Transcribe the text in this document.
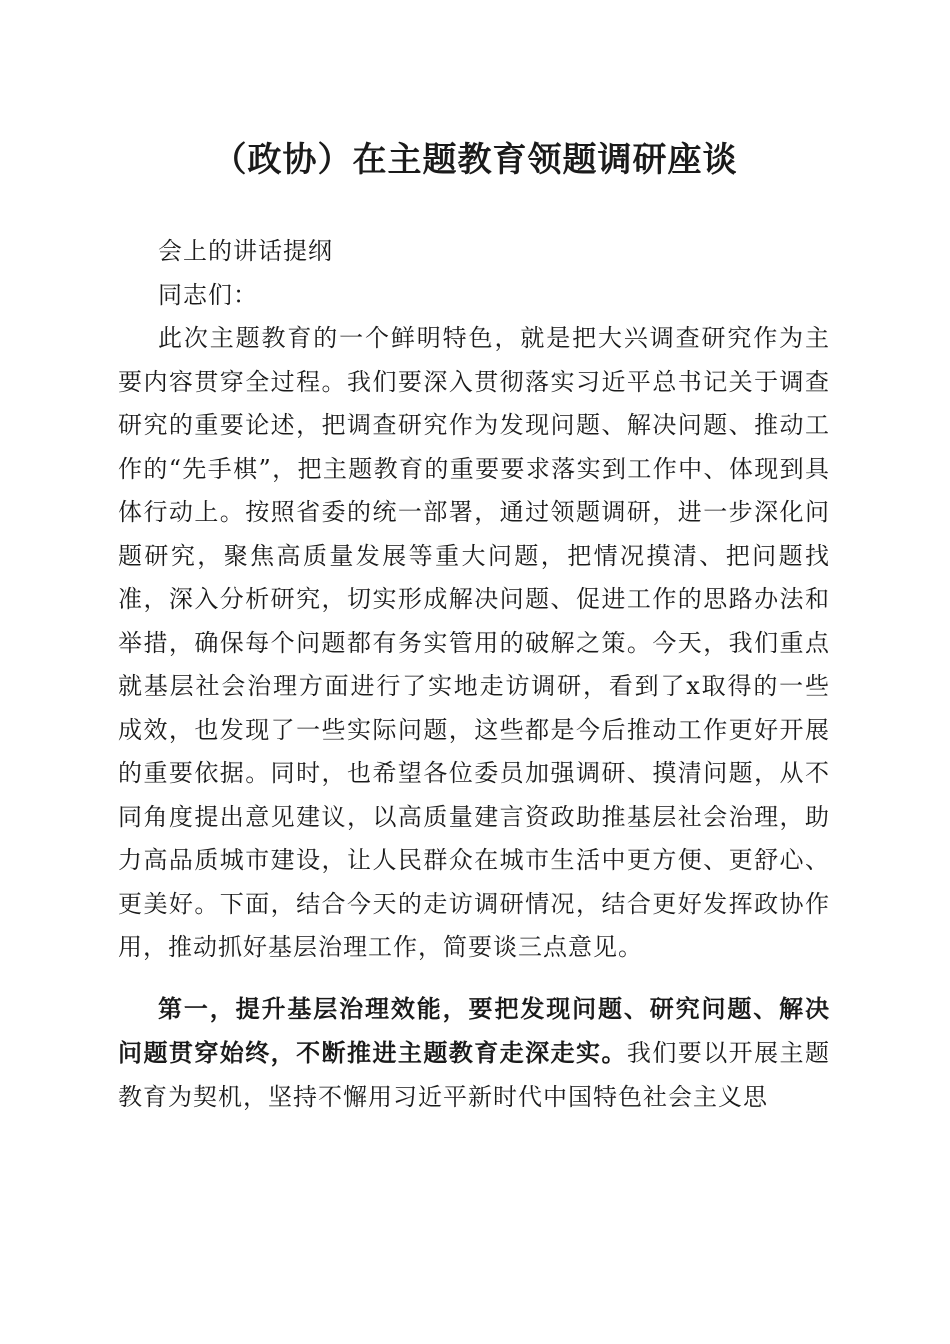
（政协）在主题教育领题调研座谈

会上的讲话提纲

同志们：

此次主题教育的一个鲜明特色，就是把大兴调查研究作为主要内容贯穿全过程。我们要深入贯彻落实习近平总书记关于调查研究的重要论述，把调查研究作为发现问题、解决问题、推动工作的“先手棋”，把主题教育的重要要求落实到工作中、体现到具体行动上。按照省委的统一部署，通过领题调研，进一步深化问题研究，聚焦高质量发展等重大问题，把情况摸清、把问题找准，深入分析研究，切实形成解决问题、促进工作的思路办法和举措，确保每个问题都有务实管用的破解之策。今天，我们重点就基层社会治理方面进行了实地走访调研，看到了x取得的一些成效，也发现了一些实际问题，这些都是今后推动工作更好开展的重要依据。同时，也希望各位委员加强调研、摸清问题，从不同角度提出意见建议，以高质量建言资政助推基层社会治理，助力高品质城市建设，让人民群众在城市生活中更方便、更舒心、更美好。下面，结合今天的走访调研情况，结合更好发挥政协作用，推动抓好基层治理工作，简要谈三点意见。

第一，提升基层治理效能，要把发现问题、研究问题、解决问题贯穿始终，不断推进主题教育走深走实。我们要以开展主题教育为契机，坚持不懈用习近平新时代中国特色社会主义思
